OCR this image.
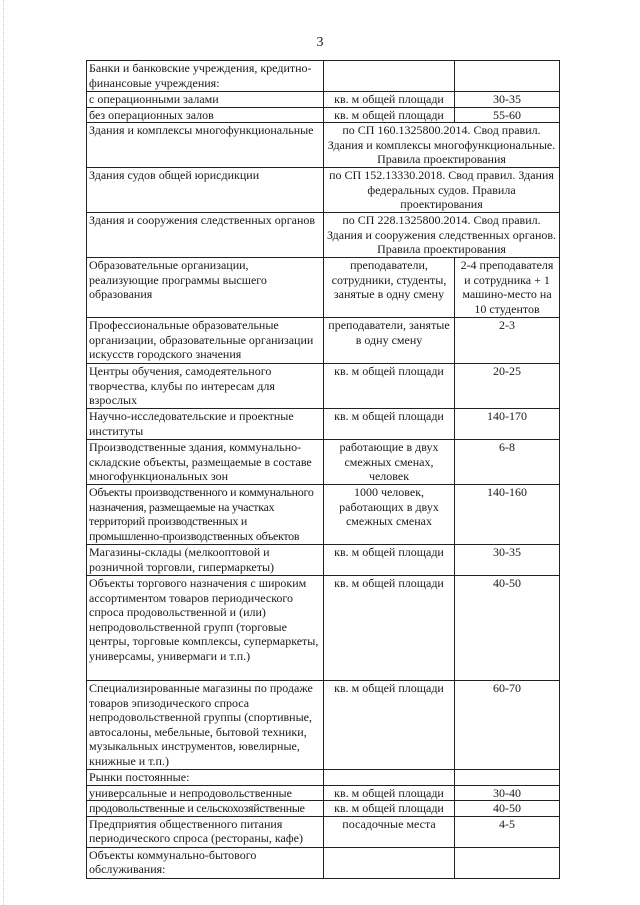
3
Банки и банковские учреждения, кредитно-финансовые учреждения:		
с операционными залами	кв. м общей площади	30-35
без операционных залов	кв. м общей площади	55-60
Здания и комплексы многофункциональные	по СП 160.1325800.2014. Свод правил. Здания и комплексы многофункциональные. Правила проектирования	
Здания судов общей юрисдикции	по СП 152.13330.2018. Свод правил. Здания федеральных судов. Правила проектирования	
Здания и сооружения следственных органов	по СП 228.1325800.2014. Свод правил. Здания и сооружения следственных органов. Правила проектирования	
Образовательные организации, реализующие программы высшего образования	преподаватели, сотрудники, студенты, занятые в одну смену	2-4 преподавателя и сотрудника + 1 машино-место на 10 студентов
Профессиональные образовательные организации, образовательные организации искусств городского значения	преподаватели, занятые в одну смену	2-3
Центры обучения, самодеятельного творчества, клубы по интересам для взрослых	кв. м общей площади	20-25
Научно-исследовательские и проектные институты	кв. м общей площади	140-170
Производственные здания, коммунально-складские объекты, размещаемые в составе многофункциональных зон	работающие в двух смежных сменах, человек	6-8
Объекты производственного и коммунального назначения, размещаемые на участках территорий производственных и промышленно-производственных объектов	1000 человек, работающих в двух смежных сменах	140-160
Магазины-склады (мелкооптовой и розничной торговли, гипермаркеты)	кв. м общей площади	30-35
Объекты торгового назначения с широким ассортиментом товаров периодического спроса продовольственной и (или) непродовольственной групп (торговые центры, торговые комплексы, супермаркеты, универсамы, универмаги и т.п.)	кв. м общей площади	40-50
Специализированные магазины по продаже товаров эпизодического спроса непродовольственной группы (спортивные, автосалоны, мебельные, бытовой техники, музыкальных инструментов, ювелирные, книжные и т.п.)	кв. м общей площади	60-70
Рынки постоянные:		
универсальные и непродовольственные	кв. м общей площади	30-40
продовольственные и сельскохозяйственные	кв. м общей площади	40-50
Предприятия общественного питания периодического спроса (рестораны, кафе)	посадочные места	4-5
Объекты коммунально-бытового обслуживания:		
